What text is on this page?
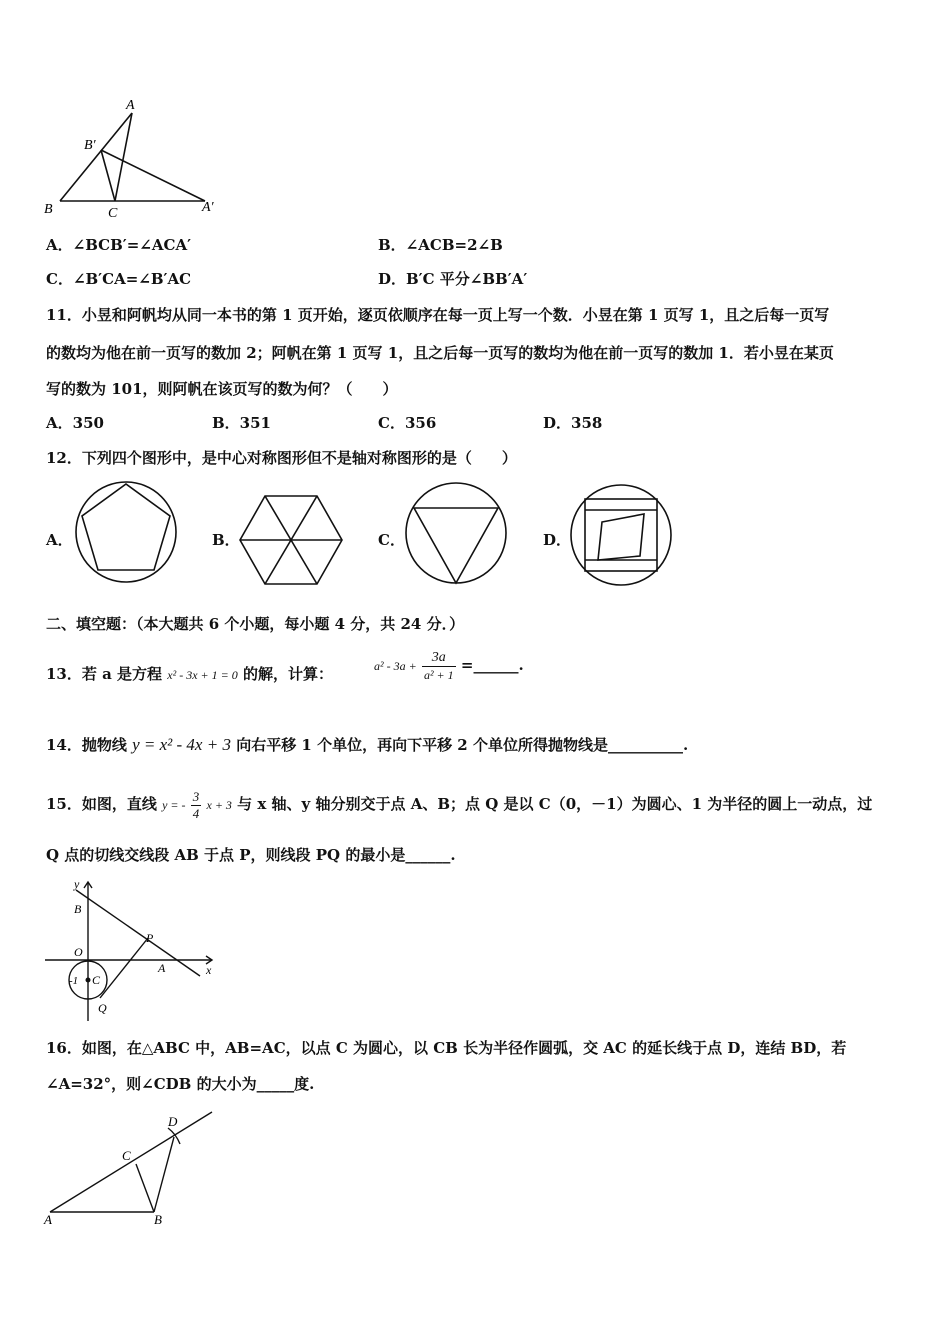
A
B′
B	C	A′
A．∠BCB′=∠ACA′	B．∠ACB=2∠B
C．∠B′CA=∠B′AC	D．B′C 平分∠BB′A′
11．小昱和阿帆均从同一本书的第 1 页开始，逐页依顺序在每一页上写一个数．小昱在第 1 页写 1，且之后每一页写
的数均为他在前一页写的数加 2；阿帆在第 1 页写 1，且之后每一页写的数均为他在前一页写的数加 1．若小昱在某页
写的数为 101，则阿帆在该页写的数为何？（　　）
A．350	B．351	C．356	D．358
12．下列四个图形中，是中心对称图形但不是轴对称图形的是（　　）
A．	B．	C．	D．
二、填空题：（本大题共 6 个小题，每小题 4 分，共 24 分．）
13．若 a 是方程 x² - 3x + 1 = 0 的解，计算：	$a^2 - 3a + \frac{3a}{\text{a² + 1}}$ =______.
14．抛物线 y = x² - 4x + 3 向右平移 1 个单位，再向下平移 2 个单位所得抛物线是__________.
15．如图，直线 y = - $\frac{3}{4}$ x + 3 与 x 轴、y 轴分别交于点 A、B；点 Q 是以 C（0，－1）为圆心、1 为半径的圆上一动点，过
Q 点的切线交线段 AB 于点 P，则线段 PQ 的最小是______.
y
x
B
O
P
A
-1 C
Q
16．如图，在△ABC 中，AB=AC，以点 C 为圆心，以 CB 长为半径作圆弧，交 AC 的延长线于点 D，连结 BD，若
∠A=32°，则∠CDB 的大小为_____度.
A	B
C
D
